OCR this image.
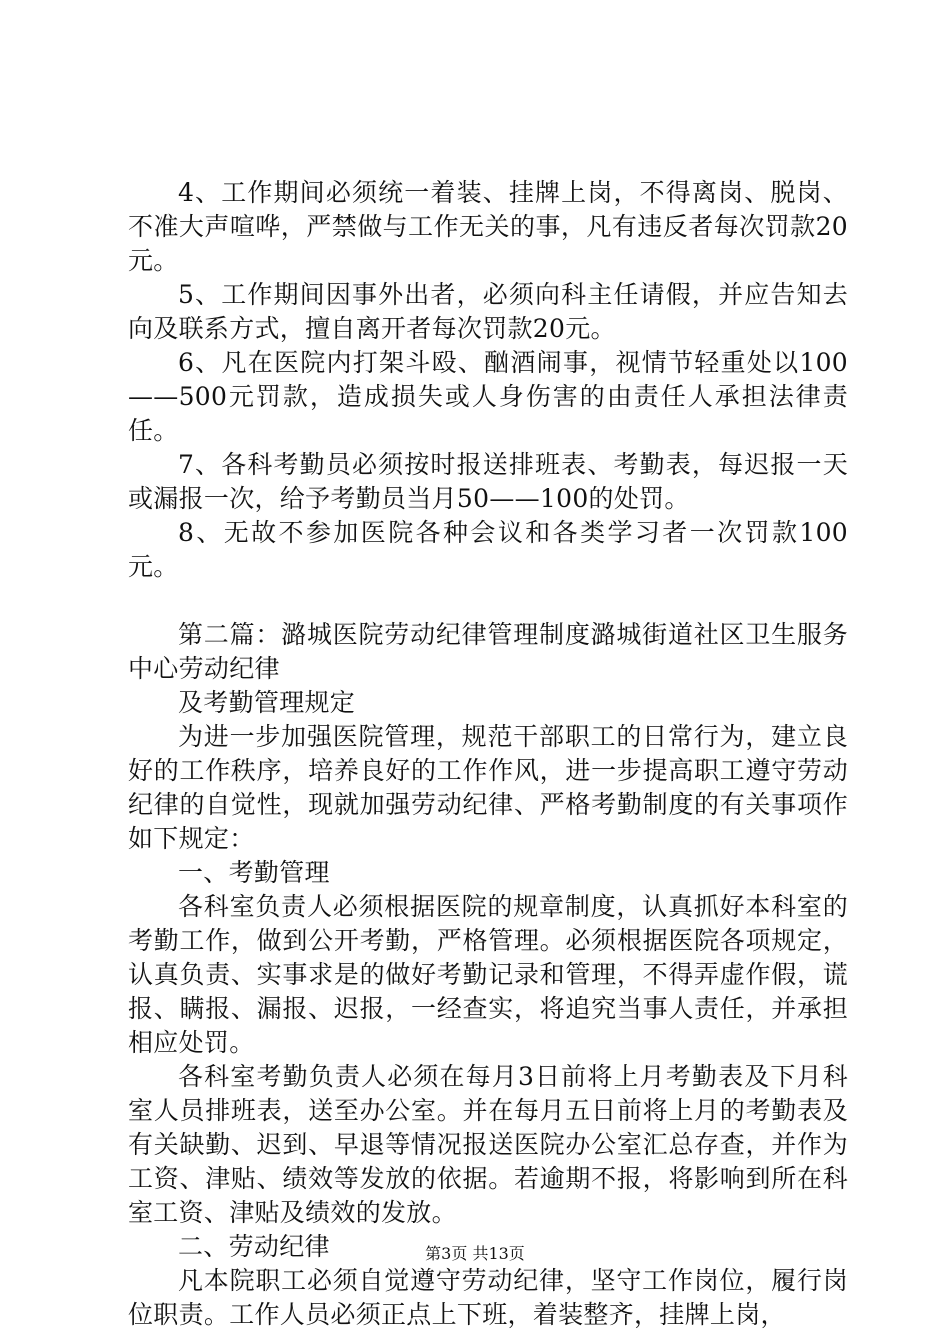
4、工作期间必须统一着装、挂牌上岗，不得离岗、脱岗、不准大声喧哗，严禁做与工作无关的事，凡有违反者每次罚款20元。

5、工作期间因事外出者，必须向科主任请假，并应告知去向及联系方式，擅自离开者每次罚款20元。

6、凡在医院内打架斗殴、酗酒闹事，视情节轻重处以100——500元罚款，造成损失或人身伤害的由责任人承担法律责任。

7、各科考勤员必须按时报送排班表、考勤表，每迟报一天或漏报一次，给予考勤员当月50——100的处罚。

8、无故不参加医院各种会议和各类学习者一次罚款100元。

第二篇：潞城医院劳动纪律管理制度潞城街道社区卫生服务中心劳动纪律

及考勤管理规定

为进一步加强医院管理，规范干部职工的日常行为，建立良好的工作秩序，培养良好的工作作风，进一步提高职工遵守劳动纪律的自觉性，现就加强劳动纪律、严格考勤制度的有关事项作如下规定：

一、考勤管理

各科室负责人必须根据医院的规章制度，认真抓好本科室的考勤工作，做到公开考勤，严格管理。必须根据医院各项规定，认真负责、实事求是的做好考勤记录和管理，不得弄虚作假，谎报、瞒报、漏报、迟报，一经查实，将追究当事人责任，并承担相应处罚。

各科室考勤负责人必须在每月3日前将上月考勤表及下月科室人员排班表，送至办公室。并在每月五日前将上月的考勤表及有关缺勤、迟到、早退等情况报送医院办公室汇总存查，并作为工资、津贴、绩效等发放的依据。若逾期不报，将影响到所在科室工资、津贴及绩效的发放。

二、劳动纪律

凡本院职工必须自觉遵守劳动纪律，坚守工作岗位，履行岗位职责。工作人员必须正点上下班，着装整齐，挂牌上岗，

第3页 共13页
